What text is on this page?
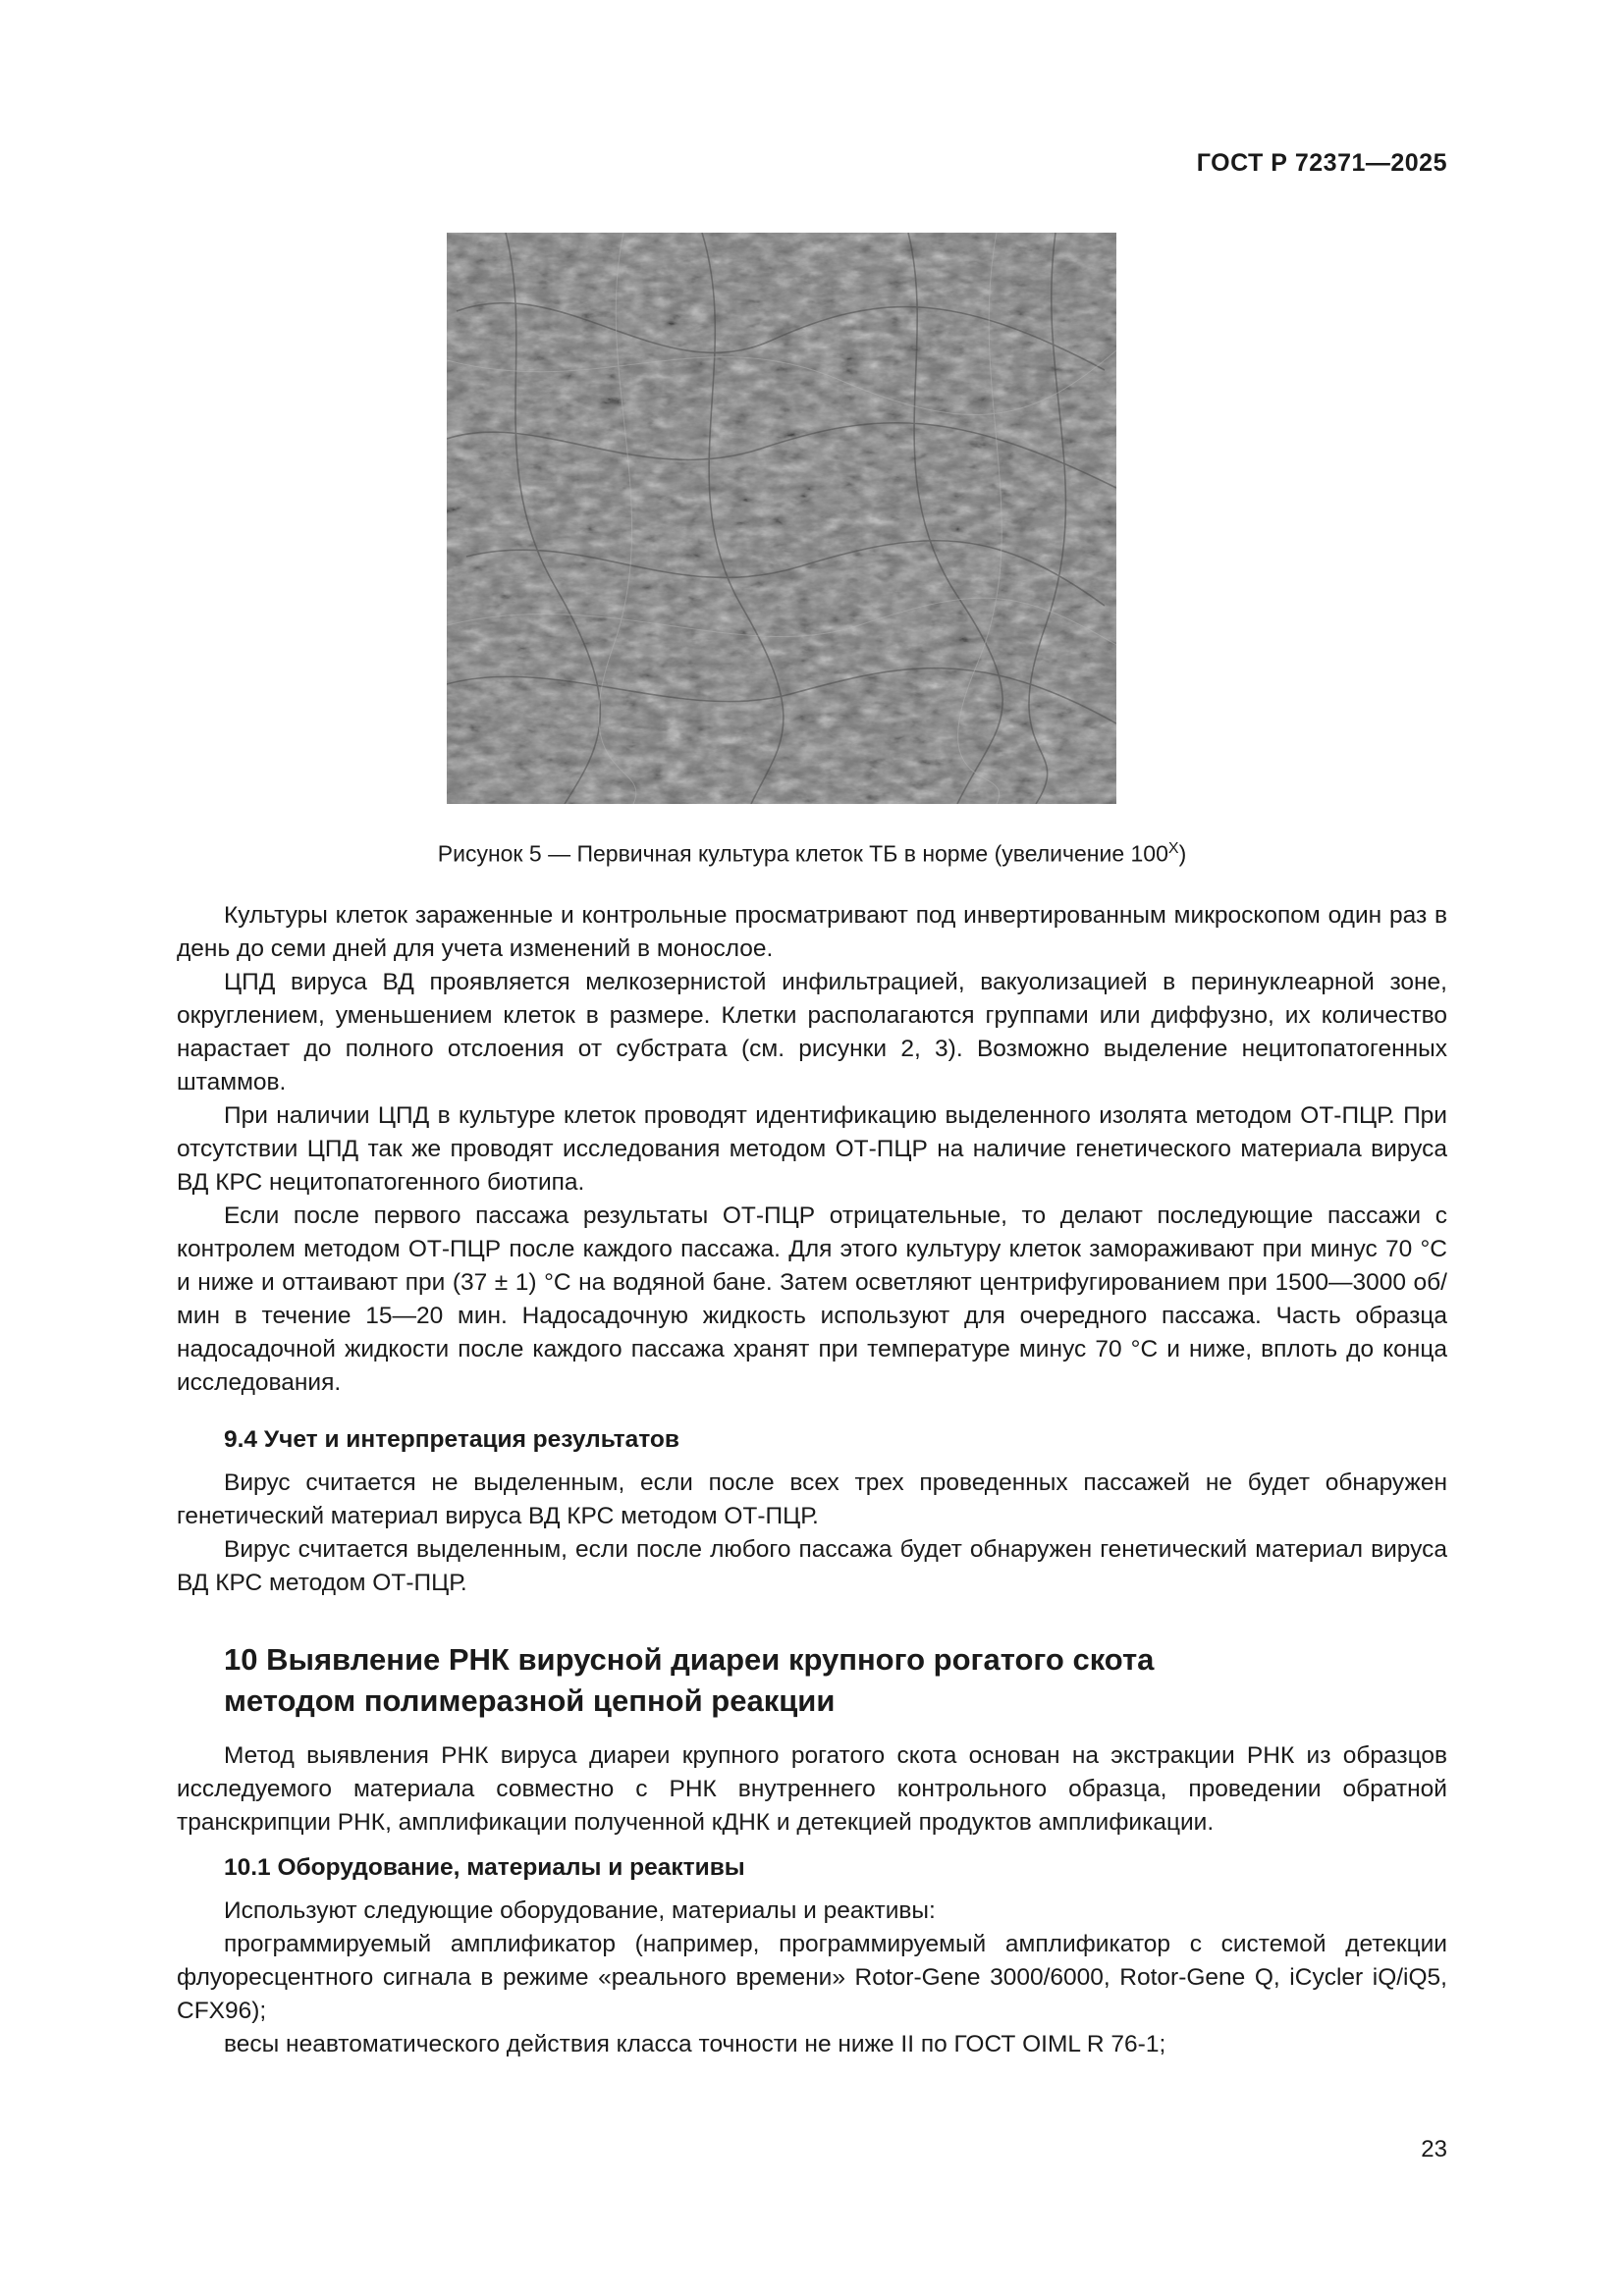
ГОСТ Р 72371—2025
Рисунок 5 — Первичная культура клеток ТБ в норме (увеличение $100^Х$)

Культуры клеток зараженные и контрольные просматривают под инвертированным микроскопом один раз в день до семи дней для учета изменений в монослое.

ЦПД вируса ВД проявляется мелкозернистой инфильтрацией, вакуолизацией в перинуклеарной зоне, округлением, уменьшением клеток в размере. Клетки располагаются группами или диффузно, их количество нарастает до полного отслоения от субстрата (см. рисунки 2, 3). Возможно выделение нецитопатогенных штаммов.

При наличии ЦПД в культуре клеток проводят идентификацию выделенного изолята методом ОТ-ПЦР. При отсутствии ЦПД так же проводят исследования методом ОТ-ПЦР на наличие генетического материала вируса ВД КРС нецитопатогенного биотипа.

Если после первого пассажа результаты ОТ-ПЦР отрицательные, то делают последующие пассажи с контролем методом ОТ-ПЦР после каждого пассажа. Для этого культуру клеток замораживают при минус 70 °С и ниже и оттаивают при (37 ± 1) °С на водяной бане. Затем осветляют центрифугированием при 1500—3000 об/мин в течение 15—20 мин. Надосадочную жидкость используют для очередного пассажа. Часть образца надосадочной жидкости после каждого пассажа хранят при температуре минус 70 °С и ниже, вплоть до конца исследования.

9.4 Учет и интерпретация результатов

Вирус считается не выделенным, если после всех трех проведенных пассажей не будет обнаружен генетический материал вируса ВД КРС методом ОТ-ПЦР.

Вирус считается выделенным, если после любого пассажа будет обнаружен генетический материал вируса ВД КРС методом ОТ-ПЦР.

10 Выявление РНК вирусной диареи крупного рогатого скота
методом полимеразной цепной реакции

Метод выявления РНК вируса диареи крупного рогатого скота основан на экстракции РНК из образцов исследуемого материала совместно с РНК внутреннего контрольного образца, проведении обратной транскрипции РНК, амплификации полученной кДНК и детекцией продуктов амплификации.

10.1 Оборудование, материалы и реактивы

Используют следующие оборудование, материалы и реактивы:

программируемый амплификатор (например, программируемый амплификатор с системой детекции флуоресцентного сигнала в режиме «реального времени» Rotor-Gene 3000/6000, Rotor-Gene Q, iCycler iQ/iQ5, CFX96);

весы неавтоматического действия класса точности не ниже II по ГОСТ OIML R 76-1;

23
